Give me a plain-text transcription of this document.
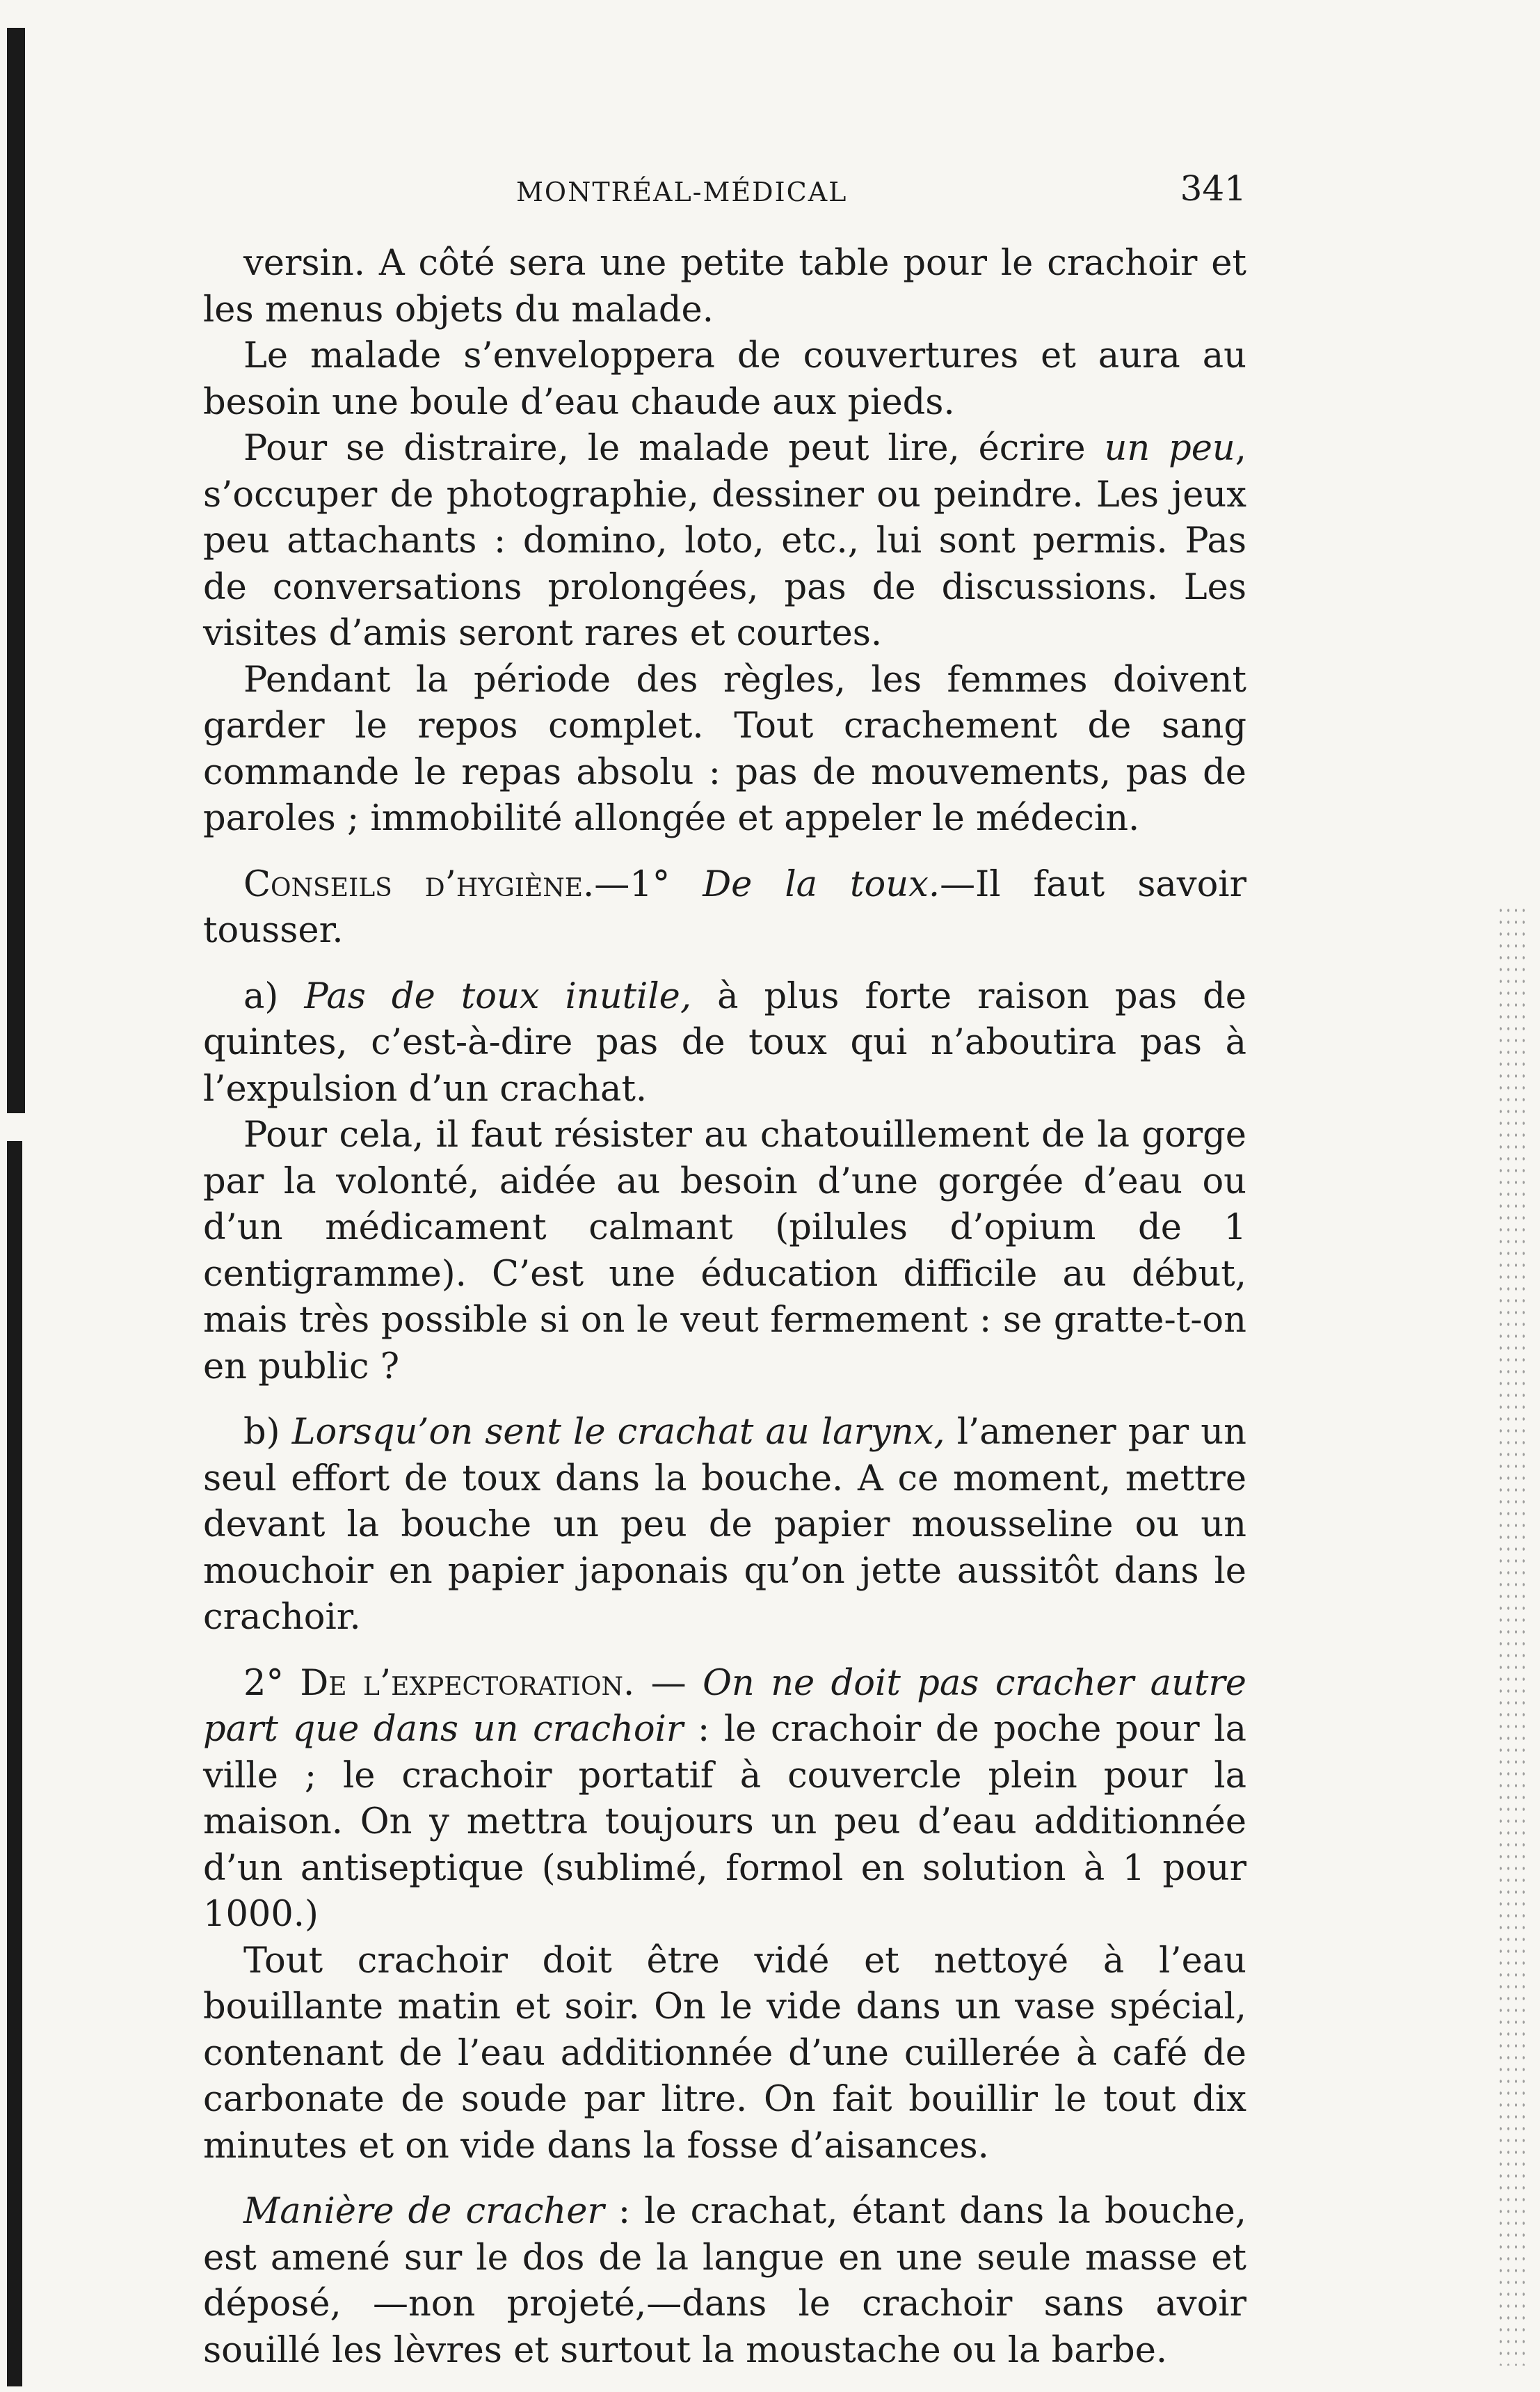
MONTRÉAL-MÉDICAL	341

versin. A côté sera une petite table pour le crachoir et les menus objets du malade.

Le malade s’enveloppera de couvertures et aura au besoin une boule d’eau chaude aux pieds.

Pour se distraire, le malade peut lire, écrire un peu, s’occuper de photographie, dessiner ou peindre. Les jeux peu attachants : domino, loto, etc., lui sont permis. Pas de conversations prolongées, pas de discussions. Les visites d’amis seront rares et courtes.

Pendant la période des règles, les femmes doivent garder le repos complet. Tout crachement de sang commande le repas absolu : pas de mouvements, pas de paroles ; immobilité allongée et appeler le médecin.

Conseils d’hygiène.—1° De la toux.—Il faut savoir tousser.

a) Pas de toux inutile, à plus forte raison pas de quintes, c’est-à-dire pas de toux qui n’aboutira pas à l’expulsion d’un crachat.

Pour cela, il faut résister au chatouillement de la gorge par la volonté, aidée au besoin d’une gorgée d’eau ou d’un médicament calmant (pilules d’opium de 1 centigramme). C’est une éducation difficile au début, mais très possible si on le veut fermement : se gratte-t-on en public ?

b) Lorsqu’on sent le crachat au larynx, l’amener par un seul effort de toux dans la bouche. A ce moment, mettre devant la bouche un peu de papier mousseline ou un mouchoir en papier japonais qu’on jette aussitôt dans le crachoir.

2° De l’expectoration. — On ne doit pas cracher autre part que dans un crachoir : le crachoir de poche pour la ville ; le crachoir portatif à couvercle plein pour la maison. On y mettra toujours un peu d’eau additionnée d’un antiseptique (sublimé, formol en solution à 1 pour 1000.)

Tout crachoir doit être vidé et nettoyé à l’eau bouillante matin et soir. On le vide dans un vase spécial, contenant de l’eau additionnée d’une cuillerée à café de carbonate de soude par litre. On fait bouillir le tout dix minutes et on vide dans la fosse d’aisances.

Manière de cracher : le crachat, étant dans la bouche, est amené sur le dos de la langue en une seule masse et déposé, —non projeté,—dans le crachoir sans avoir souillé les lèvres et surtout la moustache ou la barbe.
